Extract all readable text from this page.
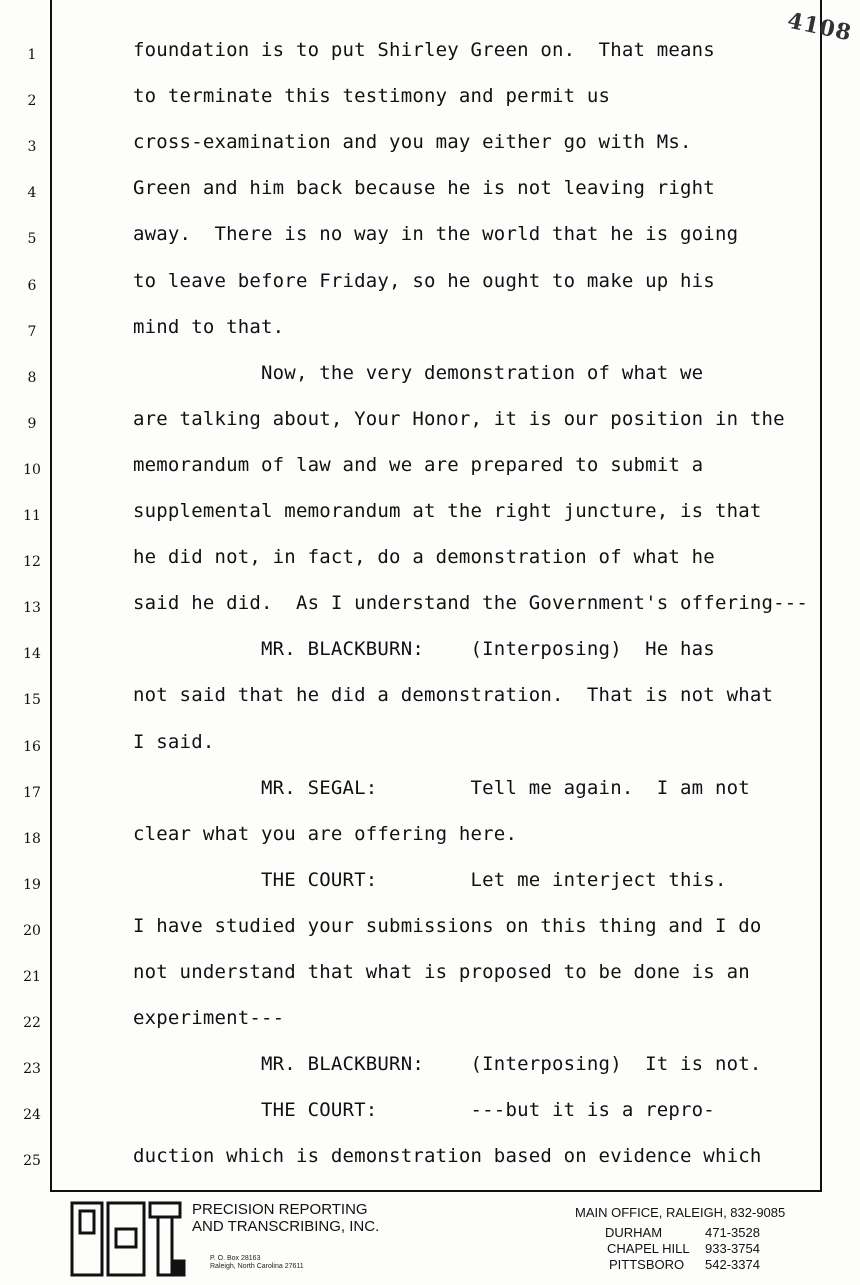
4108
1	foundation is to put Shirley Green on.  That means
2	to terminate this testimony and permit us
3	cross-examination and you may either go with Ms.
4	Green and him back because he is not leaving right
5	away.  There is no way in the world that he is going
6	to leave before Friday, so he ought to make up his
7	mind to that.
8	Now, the very demonstration of what we
9	are talking about, Your Honor, it is our position in the
10	memorandum of law and we are prepared to submit a
11	supplemental memorandum at the right juncture, is that
12	he did not, in fact, do a demonstration of what he
13	said he did.  As I understand the Government's offering---
14	MR. BLACKBURN:    (Interposing)  He has
15	not said that he did a demonstration.  That is not what
16	I said.
17	MR. SEGAL:        Tell me again.  I am not
18	clear what you are offering here.
19	THE COURT:        Let me interject this.
20	I have studied your submissions on this thing and I do
21	not understand that what is proposed to be done is an
22	experiment---
23	MR. BLACKBURN:    (Interposing)  It is not.
24	THE COURT:        ---but it is a repro-
25	duction which is demonstration based on evidence which
PRECISION REPORTING
AND TRANSCRIBING, INC.
P. O. Box 28163
Raleigh, North Carolina 27611
MAIN OFFICE, RALEIGH, 832-9085
DURHAM	471-3528
CHAPEL HILL 933-3754
PITTSBORO 542-3374
